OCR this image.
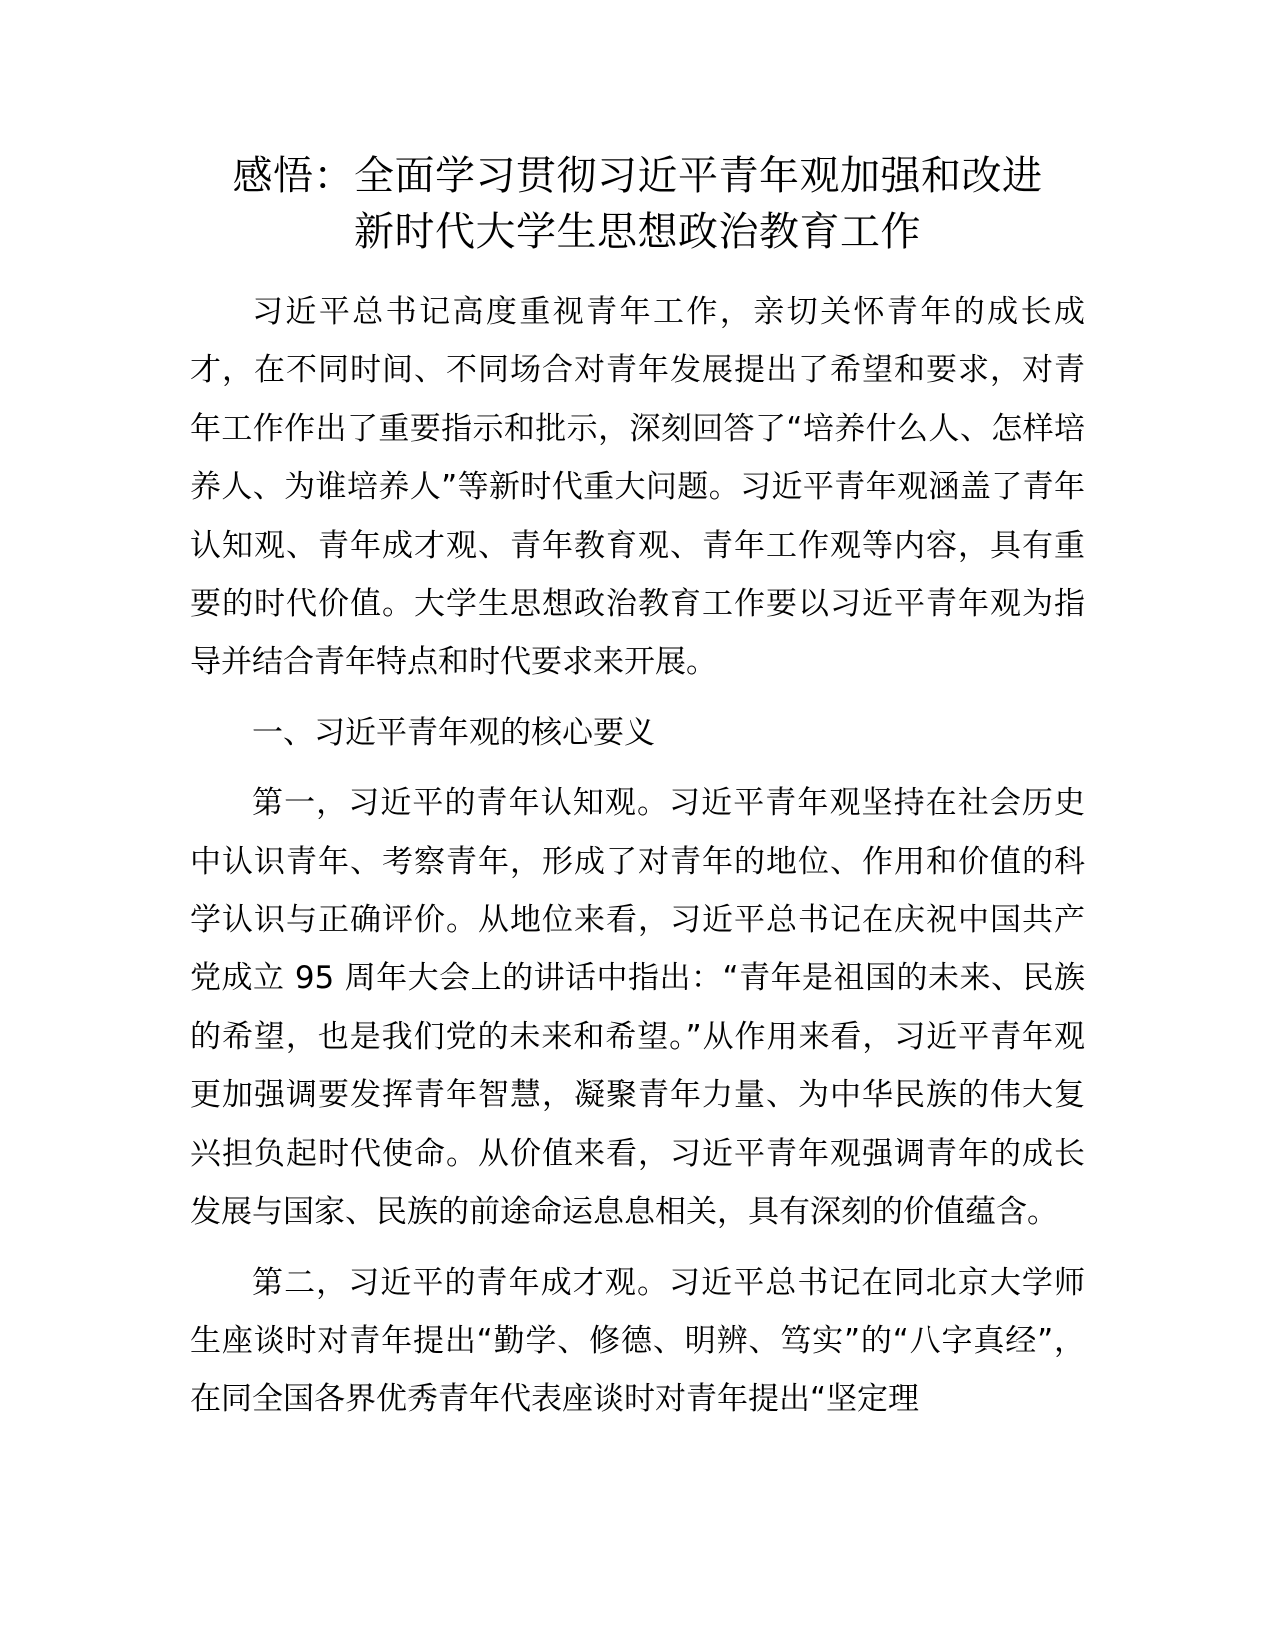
感悟：全面学习贯彻习近平青年观加强和改进
新时代大学生思想政治教育工作

习近平总书记高度重视青年工作，亲切关怀青年的成长成才，在不同时间、不同场合对青年发展提出了希望和要求，对青年工作作出了重要指示和批示，深刻回答了“培养什么人、怎样培养人、为谁培养人”等新时代重大问题。习近平青年观涵盖了青年认知观、青年成才观、青年教育观、青年工作观等内容，具有重要的时代价值。大学生思想政治教育工作要以习近平青年观为指导并结合青年特点和时代要求来开展。

一、习近平青年观的核心要义

第一，习近平的青年认知观。习近平青年观坚持在社会历史中认识青年、考察青年，形成了对青年的地位、作用和价值的科学认识与正确评价。从地位来看，习近平总书记在庆祝中国共产党成立 95 周年大会上的讲话中指出：“青年是祖国的未来、民族的希望，也是我们党的未来和希望。”从作用来看，习近平青年观更加强调要发挥青年智慧，凝聚青年力量、为中华民族的伟大复兴担负起时代使命。从价值来看，习近平青年观强调青年的成长发展与国家、民族的前途命运息息相关，具有深刻的价值蕴含。

第二，习近平的青年成才观。习近平总书记在同北京大学师生座谈时对青年提出“勤学、修德、明辨、笃实”的“八字真经”，在同全国各界优秀青年代表座谈时对青年提出“坚定理
